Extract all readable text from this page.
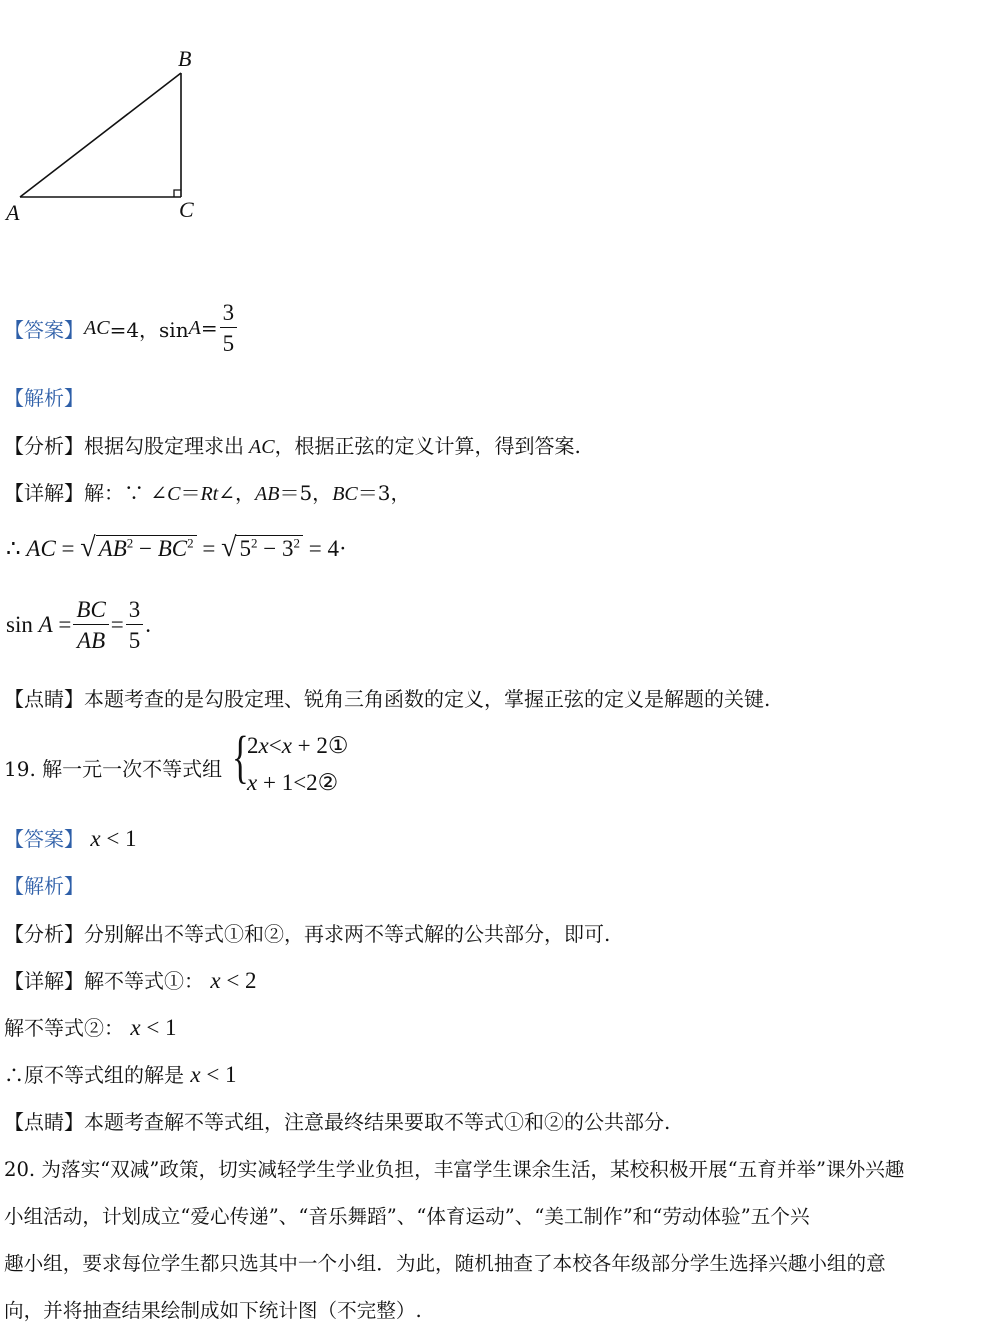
B
A	C
【答案】 AC =4，$\sin A = \frac{3}{5}$
【解析】
【分析】根据勾股定理求出 AC，根据正弦的定义计算，得到答案.
【详解】解：∵ ∠C＝Rt∠，AB＝5，BC＝3，
∴ AC = √ $AB^2 - BC^2$ = √ $5^2 - 3^2 = 4\cdot$
sin
A
= $\frac{BC}{AB} = \frac{3}{5}$ .
【点睛】本题考查的是勾股定理、锐角三角函数的定义，掌握正弦的定义是解题的关键.
19. 解一元一次不等式组 {
2x<x + 2①
x + 1<2②
【答案】 x < 1
【解析】
【分析】分别解出不等式①和②，再求两不等式解的公共部分，即可.
【详解】解不等式①： x < 2
解不等式②： x < 1
∴原不等式组的解是 x < 1
【点睛】本题考查解不等式组，注意最终结果要取不等式①和②的公共部分.
20. 为落实“双减”政策，切实减轻学生学业负担，丰富学生课余生活，某校积极开展“五育并举”课外兴趣
小组活动，计划成立“爱心传递”、“音乐舞蹈”、“体育运动”、“美工制作”和“劳动体验”五个兴
趣小组，要求每位学生都只选其中一个小组．为此，随机抽查了本校各年级部分学生选择兴趣小组的意
向，并将抽查结果绘制成如下统计图（不完整）.
